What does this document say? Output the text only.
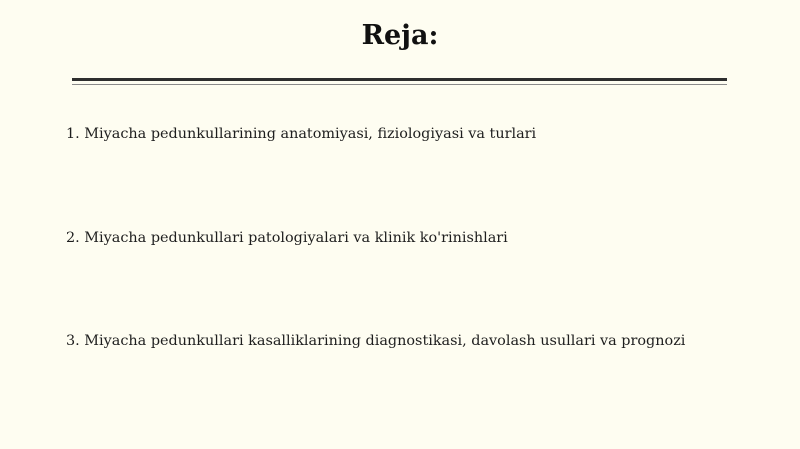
Reja:

1. Miyacha pedunkullarining anatomiyasi, fiziologiyasi va turlari

2. Miyacha pedunkullari patologiyalari va klinik ko'rinishlari

3. Miyacha pedunkullari kasalliklarining diagnostikasi, davolash usullari va prognozi
